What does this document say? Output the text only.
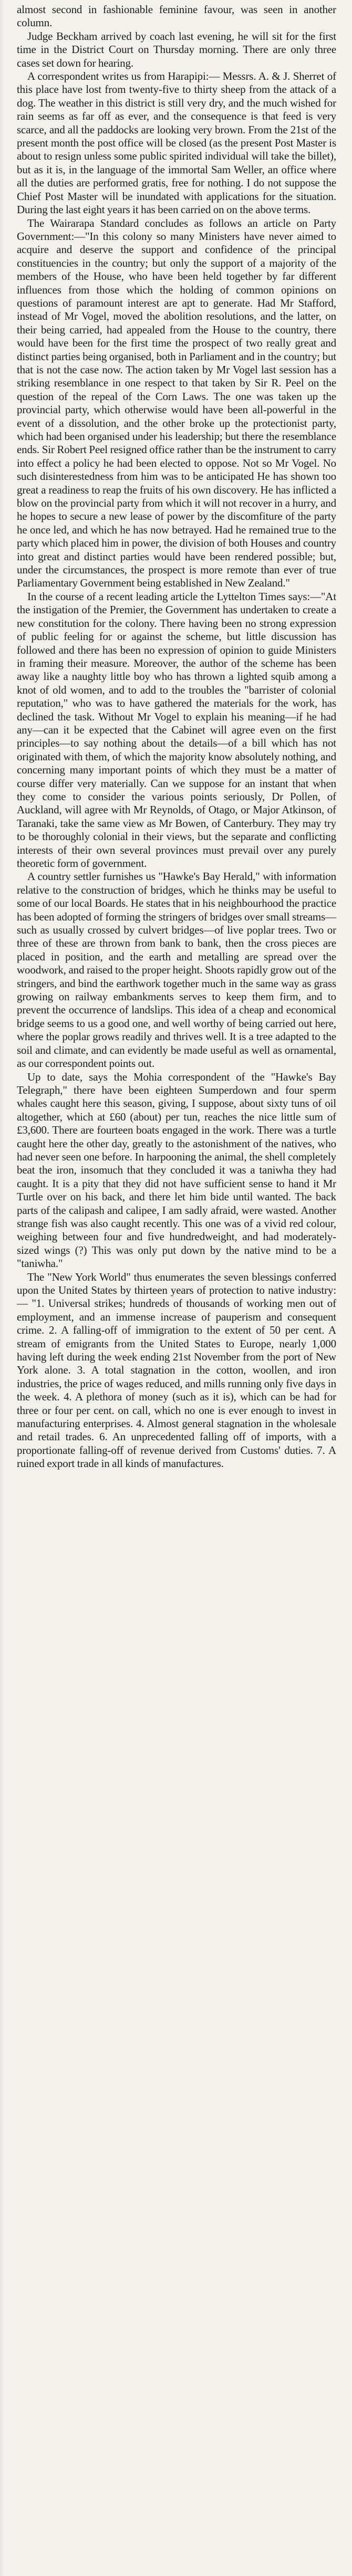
almost second in fashionable feminine favour, was seen in another column.

Judge Beckham arrived by coach last evening, he will sit for the first time in the District Court on Thursday morning. There are only three cases set down for hearing.

A correspondent writes us from Harapipi:— Messrs. A. & J. Sherret of this place have lost from twenty-five to thirty sheep from the attack of a dog. The weather in this district is still very dry, and the much wished for rain seems as far off as ever, and the consequence is that feed is very scarce, and all the paddocks are looking very brown. From the 21st of the present month the post office will be closed (as the present Post Master is about to resign unless some public spirited individual will take the billet), but as it is, in the language of the immortal Sam Weller, an office where all the duties are performed gratis, free for nothing. I do not suppose the Chief Post Master will be inundated with applications for the situation. During the last eight years it has been carried on on the above terms.

The Wairarapa Standard concludes as follows an article on Party Government:—"In this colony so many Ministers have never aimed to acquire and deserve the support and confidence of the principal constituencies in the country; but only the support of a majority of the members of the House, who have been held together by far different influences from those which the holding of common opinions on questions of paramount interest are apt to generate. Had Mr Stafford, instead of Mr Vogel, moved the abolition resolutions, and the latter, on their being carried, had appealed from the House to the country, there would have been for the first time the prospect of two really great and distinct parties being organised, both in Parliament and in the country; but that is not the case now. The action taken by Mr Vogel last session has a striking resemblance in one respect to that taken by Sir R. Peel on the question of the repeal of the Corn Laws. The one was taken up the provincial party, which otherwise would have been all-powerful in the event of a dissolution, and the other broke up the protectionist party, which had been organised under his leadership; but there the resemblance ends. Sir Robert Peel resigned office rather than be the instrument to carry into effect a policy he had been elected to oppose. Not so Mr Vogel. No such disinterestedness from him was to be anticipated He has shown too great a readiness to reap the fruits of his own discovery. He has inflicted a blow on the provincial party from which it will not recover in a hurry, and he hopes to secure a new lease of power by the discomfiture of the party he once led, and which he has now betrayed. Had he remained true to the party which placed him in power, the division of both Houses and country into great and distinct parties would have been rendered possible; but, under the circumstances, the prospect is more remote than ever of true Parliamentary Government being established in New Zealand."

In the course of a recent leading article the Lyttelton Times says:—"At the instigation of the Premier, the Government has undertaken to create a new constitution for the colony. There having been no strong expression of public feeling for or against the scheme, but little discussion has followed and there has been no expression of opinion to guide Ministers in framing their measure. Moreover, the author of the scheme has been away like a naughty little boy who has thrown a lighted squib among a knot of old women, and to add to the troubles the "barrister of colonial reputation," who was to have gathered the materials for the work, has declined the task. Without Mr Vogel to explain his meaning—if he had any—can it be expected that the Cabinet will agree even on the first principles—to say nothing about the details—of a bill which has not originated with them, of which the majority know absolutely nothing, and concerning many important points of which they must be a matter of course differ very materially. Can we suppose for an instant that when they come to consider the various points seriously, Dr Pollen, of Auckland, will agree with Mr Reynolds, of Otago, or Major Atkinson, of Taranaki, take the same view as Mr Bowen, of Canterbury. They may try to be thoroughly colonial in their views, but the separate and conflicting interests of their own several provinces must prevail over any purely theoretic form of government.

A country settler furnishes us "Hawke's Bay Herald," with information relative to the construction of bridges, which he thinks may be useful to some of our local Boards. He states that in his neighbourhood the practice has been adopted of forming the stringers of bridges over small streams—such as usually crossed by culvert bridges—of live poplar trees. Two or three of these are thrown from bank to bank, then the cross pieces are placed in position, and the earth and metalling are spread over the woodwork, and raised to the proper height. Shoots rapidly grow out of the stringers, and bind the earthwork together much in the same way as grass growing on railway embankments serves to keep them firm, and to prevent the occurrence of landslips. This idea of a cheap and economical bridge seems to us a good one, and well worthy of being carried out here, where the poplar grows readily and thrives well. It is a tree adapted to the soil and climate, and can evidently be made useful as well as ornamental, as our correspondent points out.

Up to date, says the Mohia correspondent of the "Hawke's Bay Telegraph," there have been eighteen Sumperdown and four sperm whales caught here this season, giving, I suppose, about sixty tuns of oil altogether, which at £60 (about) per tun, reaches the nice little sum of £3,600. There are fourteen boats engaged in the work. There was a turtle caught here the other day, greatly to the astonishment of the natives, who had never seen one before. In harpooning the animal, the shell completely beat the iron, insomuch that they concluded it was a taniwha they had caught. It is a pity that they did not have sufficient sense to hand it Mr Turtle over on his back, and there let him bide until wanted. The back parts of the calipash and calipee, I am sadly afraid, were wasted. Another strange fish was also caught recently. This one was of a vivid red colour, weighing between four and five hundredweight, and had moderately-sized wings (?) This was only put down by the native mind to be a "taniwha."

The "New York World" thus enumerates the seven blessings conferred upon the United States by thirteen years of protection to native industry:— "1. Universal strikes; hundreds of thousands of working men out of employment, and an immense increase of pauperism and consequent crime. 2. A falling-off of immigration to the extent of 50 per cent. A stream of emigrants from the United States to Europe, nearly 1,000 having left during the week ending 21st November from the port of New York alone. 3. A total stagnation in the cotton, woollen, and iron industries, the price of wages reduced, and mills running only five days in the week. 4. A plethora of money (such as it is), which can be had for three or four per cent. on call, which no one is ever enough to invest in manufacturing enterprises. 4. Almost general stagnation in the wholesale and retail trades. 6. An unprecedented falling off of imports, with a proportionate falling-off of revenue derived from Customs' duties. 7. A ruined export trade in all kinds of manufactures.
